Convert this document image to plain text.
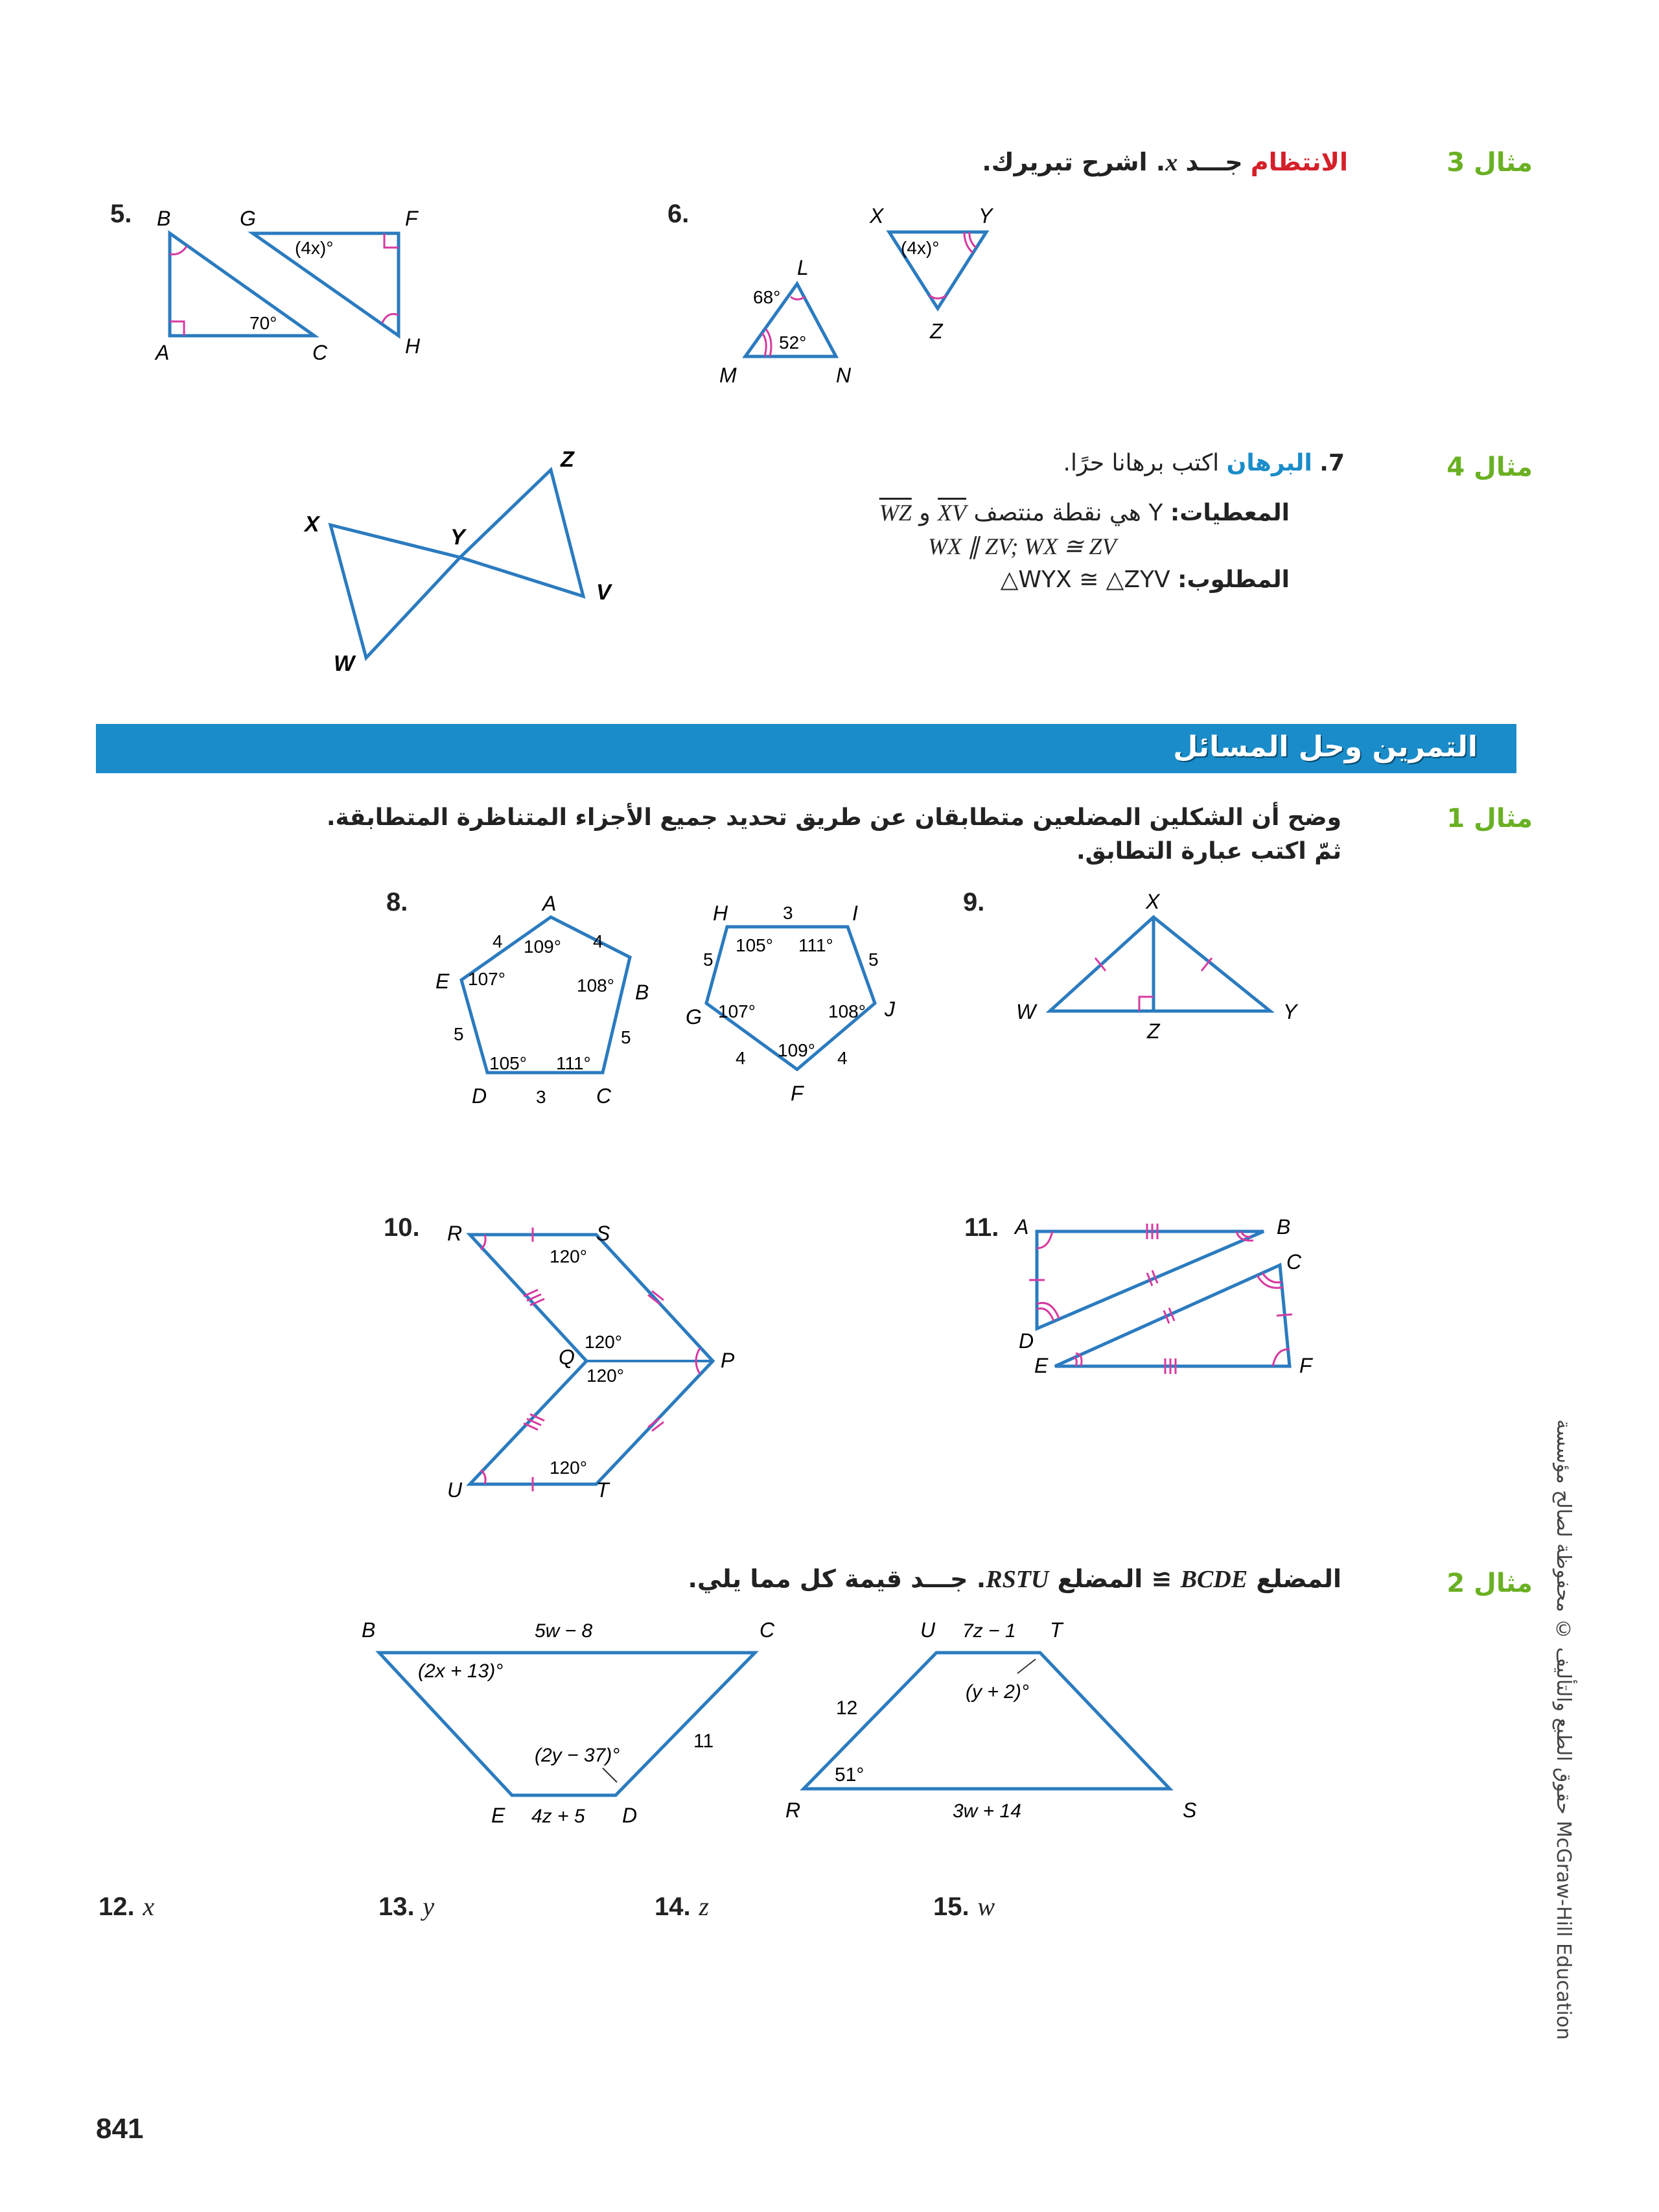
مثال 3
الانتظام جـــد x. اشرح تبريرك.
5. B	G	F
A	C	H
(4x)°
70°
6.	X	Y
Z
L
M	N
(4x)°
68°
52°
مثال 4
7. البرهان اكتب برهانا حرًا.
المعطيات: Y هي نقطة منتصف XV و WZ
WX ∥ ZV; WX ≅ ZV
المطلوب: △WYX ≅ △ZYV
X
Y
Z
W
V
التمرين وحل المسائل
مثال 1
وضح أن الشكلين المضلعين متطابقان عن طريق تحديد جميع الأجزاء المتناظرة المتطابقة. ثمّ اكتب عبارة التطابق.
8.	A
B
C
D
E
4	4
5
3
5
109°
108°
111°
105°
107°
H	I
J
F
G
3
5
4
4
5
105° 111°
108°
109°
107°
9.	X
W
Z
Y
10. R	S
Q	P
U	T
120°
120°
120°
120°
11. A	B
C
D
E	F
مثال 2
المضلع BCDE ≅ المضلع RSTU. جـــد قيمة كل مما يلي.
B	C
D
E
5w − 8
11
4z + 5
(2x + 13)°
(2y − 37)°
U	T
R	S
7z − 1
12
3w + 14
(y + 2)°
51°
12. x	13. y	14. z	15. w
حقوق الطبع والتأليف © محفوظة لصالح مؤسسة McGraw-Hill Education
841
